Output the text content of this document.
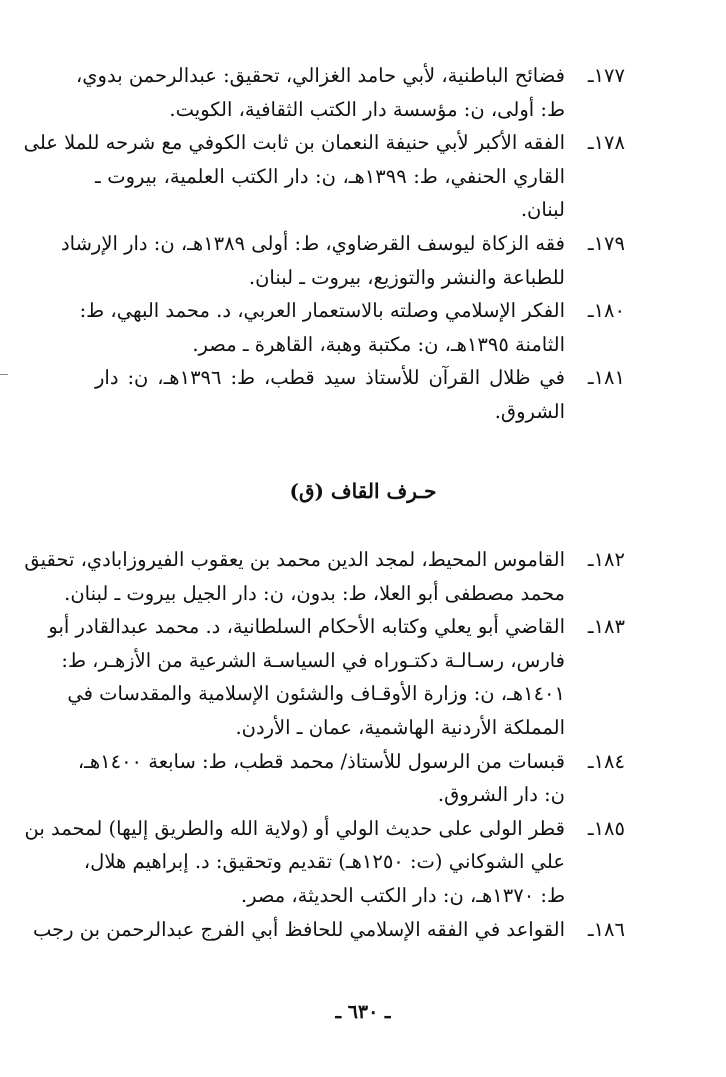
١٧٧ـ
فضائح الباطنية، لأبي حامد الغزالي، تحقيق: عبدالرحمن بدوي،
ط: أولى، ن: مؤسسة دار الكتب الثقافية، الكويت.
١٧٨ـ
الفقه الأكبر لأبي حنيفة النعمان بن ثابت الكوفي مع شرحه للملا على
القاري الحنفي، ط: ١٣٩٩هـ، ن: دار الكتب العلمية، بيروت ـ
لبنان.
١٧٩ـ
فقه الزكاة ليوسف القرضاوي، ط: أولى ١٣٨٩هـ، ن: دار الإرشاد
للطباعة والنشر والتوزيع، بيروت ـ لبنان.
١٨٠ـ
الفكر الإسلامي وصلته بالاستعمار العربي، د. محمد البهي، ط:
الثامنة ١٣٩٥هـ، ن: مكتبة وهبة، القاهرة ـ مصر.
١٨١ـ
في ظلال القرآن للأستاذ سيد قطب، ط: ١٣٩٦هـ، ن: دار
الشروق.
حـرف القاف (ق)
١٨٢ـ
القاموس المحيط، لمجد الدين محمد بن يعقوب الفيروزابادي، تحقيق
محمد مصطفى أبو العلا، ط: بدون، ن: دار الجيل بيروت ـ لبنان.
١٨٣ـ
القاضي أبو يعلي وكتابه الأحكام السلطانية، د. محمد عبدالقادر أبو
فارس، رسـالـة دكتـوراه في السياسـة الشرعية من الأزهـر، ط:
١٤٠١هـ، ن: وزارة الأوقـاف والشئون الإسلامية والمقدسات في
المملكة الأردنية الهاشمية، عمان ـ الأردن.
١٨٤ـ
قبسات من الرسول للأستاذ/ محمد قطب، ط: سابعة ١٤٠٠هـ،
ن: دار الشروق.
١٨٥ـ
قطر الولى على حديث الولي أو (ولاية الله والطريق إليها) لمحمد بن
علي الشوكاني (ت: ١٢٥٠هـ) تقديم وتحقيق: د. إبراهيم هلال،
ط: ١٣٧٠هـ، ن: دار الكتب الحديثة، مصر.
١٨٦ـ
القواعد في الفقه الإسلامي للحافظ أبي الفرج عبدالرحمن بن رجب
ـ ٦٣٠ ـ
